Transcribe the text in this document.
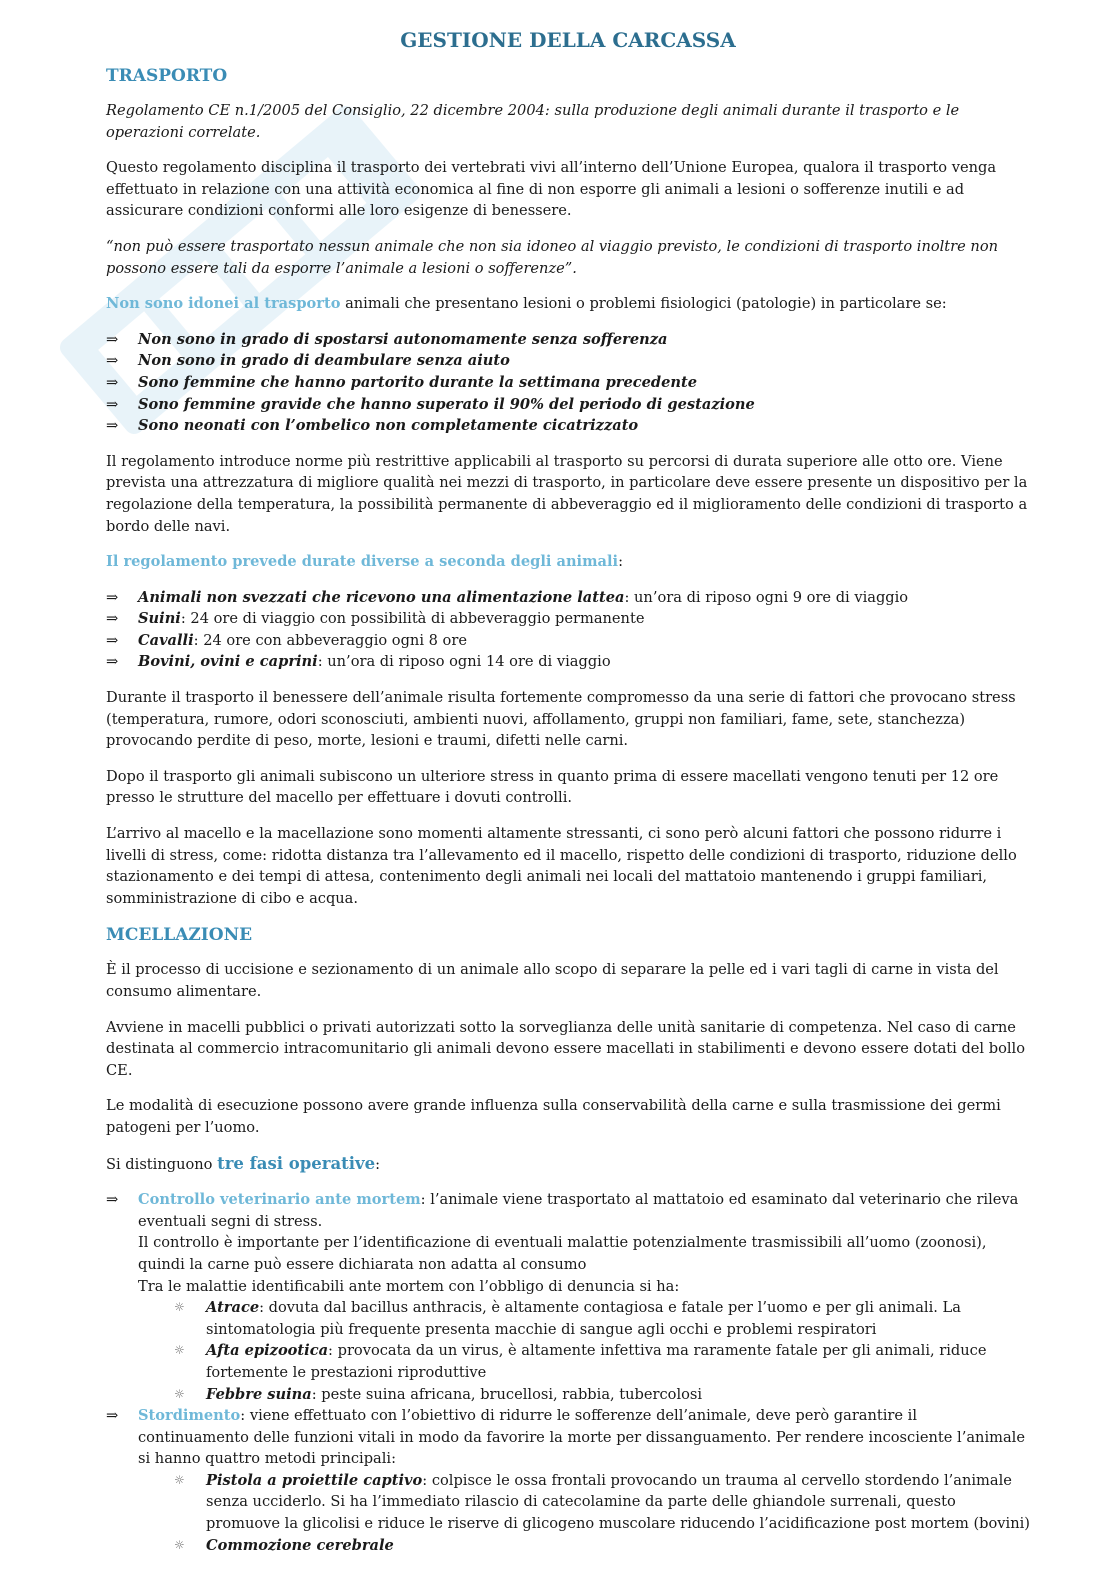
GESTIONE DELLA CARCASSA
TRASPORTO

Regolamento CE n.1/2005 del Consiglio, 22 dicembre 2004: sulla produzione degli animali durante il trasporto e le operazioni correlate.

Questo regolamento disciplina il trasporto dei vertebrati vivi all’interno dell’Unione Europea, qualora il trasporto venga effettuato in relazione con una attività economica al fine di non esporre gli animali a lesioni o sofferenze inutili e ad assicurare condizioni conformi alle loro esigenze di benessere.

“non può essere trasportato nessun animale che non sia idoneo al viaggio previsto, le condizioni di trasporto inoltre non possono essere tali da esporre l’animale a lesioni o sofferenze”.

Non sono idonei al trasporto animali che presentano lesioni o problemi fisiologici (patologie) in particolare se:

⇒ Non sono in grado di spostarsi autonomamente senza sofferenza
⇒ Non sono in grado di deambulare senza aiuto
⇒ Sono femmine che hanno partorito durante la settimana precedente
⇒ Sono femmine gravide che hanno superato il 90% del periodo di gestazione
⇒ Sono neonati con l’ombelico non completamente cicatrizzato

Il regolamento introduce norme più restrittive applicabili al trasporto su percorsi di durata superiore alle otto ore. Viene prevista una attrezzatura di migliore qualità nei mezzi di trasporto, in particolare deve essere presente un dispositivo per la regolazione della temperatura, la possibilità permanente di abbeveraggio ed il miglioramento delle condizioni di trasporto a bordo delle navi.

Il regolamento prevede durate diverse a seconda degli animali:

⇒ Animali non svezzati che ricevono una alimentazione lattea: un’ora di riposo ogni 9 ore di viaggio
⇒ Suini: 24 ore di viaggio con possibilità di abbeveraggio permanente
⇒ Cavalli: 24 ore con abbeveraggio ogni 8 ore
⇒ Bovini, ovini e caprini: un’ora di riposo ogni 14 ore di viaggio

Durante il trasporto il benessere dell’animale risulta fortemente compromesso da una serie di fattori che provocano stress (temperatura, rumore, odori sconosciuti, ambienti nuovi, affollamento, gruppi non familiari, fame, sete, stanchezza) provocando perdite di peso, morte, lesioni e traumi, difetti nelle carni.

Dopo il trasporto gli animali subiscono un ulteriore stress in quanto prima di essere macellati vengono tenuti per 12 ore presso le strutture del macello per effettuare i dovuti controlli.

L’arrivo al macello e la macellazione sono momenti altamente stressanti, ci sono però alcuni fattori che possono ridurre i livelli di stress, come: ridotta distanza tra l’allevamento ed il macello, rispetto delle condizioni di trasporto, riduzione dello stazionamento e dei tempi di attesa, contenimento degli animali nei locali del mattatoio mantenendo i gruppi familiari, somministrazione di cibo e acqua.

MCELLAZIONE

È il processo di uccisione e sezionamento di un animale allo scopo di separare la pelle ed i vari tagli di carne in vista del consumo alimentare.

Avviene in macelli pubblici o privati autorizzati sotto la sorveglianza delle unità sanitarie di competenza. Nel caso di carne destinata al commercio intracomunitario gli animali devono essere macellati in stabilimenti e devono essere dotati del bollo CE.

Le modalità di esecuzione possono avere grande influenza sulla conservabilità della carne e sulla trasmissione dei germi patogeni per l’uomo.

Si distinguono tre fasi operative:

⇒ Controllo veterinario ante mortem: l’animale viene trasportato al mattatoio ed esaminato dal veterinario che rileva eventuali segni di stress.
Il controllo è importante per l’identificazione di eventuali malattie potenzialmente trasmissibili all’uomo (zoonosi), quindi la carne può essere dichiarata non adatta al consumo
Tra le malattie identificabili ante mortem con l’obbligo di denuncia si ha:
☼ Atrace: dovuta dal bacillus anthracis, è altamente contagiosa e fatale per l’uomo e per gli animali. La sintomatologia più frequente presenta macchie di sangue agli occhi e problemi respiratori
☼ Afta epizootica: provocata da un virus, è altamente infettiva ma raramente fatale per gli animali, riduce fortemente le prestazioni riproduttive
☼ Febbre suina: peste suina africana, brucellosi, rabbia, tubercolosi
⇒ Stordimento: viene effettuato con l’obiettivo di ridurre le sofferenze dell’animale, deve però garantire il continuamento delle funzioni vitali in modo da favorire la morte per dissanguamento. Per rendere incosciente l’animale si hanno quattro metodi principali:
☼ Pistola a proiettile captivo: colpisce le ossa frontali provocando un trauma al cervello stordendo l’animale senza ucciderlo. Si ha l’immediato rilascio di catecolamine da parte delle ghiandole surrenali, questo promuove la glicolisi e riduce le riserve di glicogeno muscolare riducendo l’acidificazione post mortem (bovini)
☼ Commozione cerebrale
